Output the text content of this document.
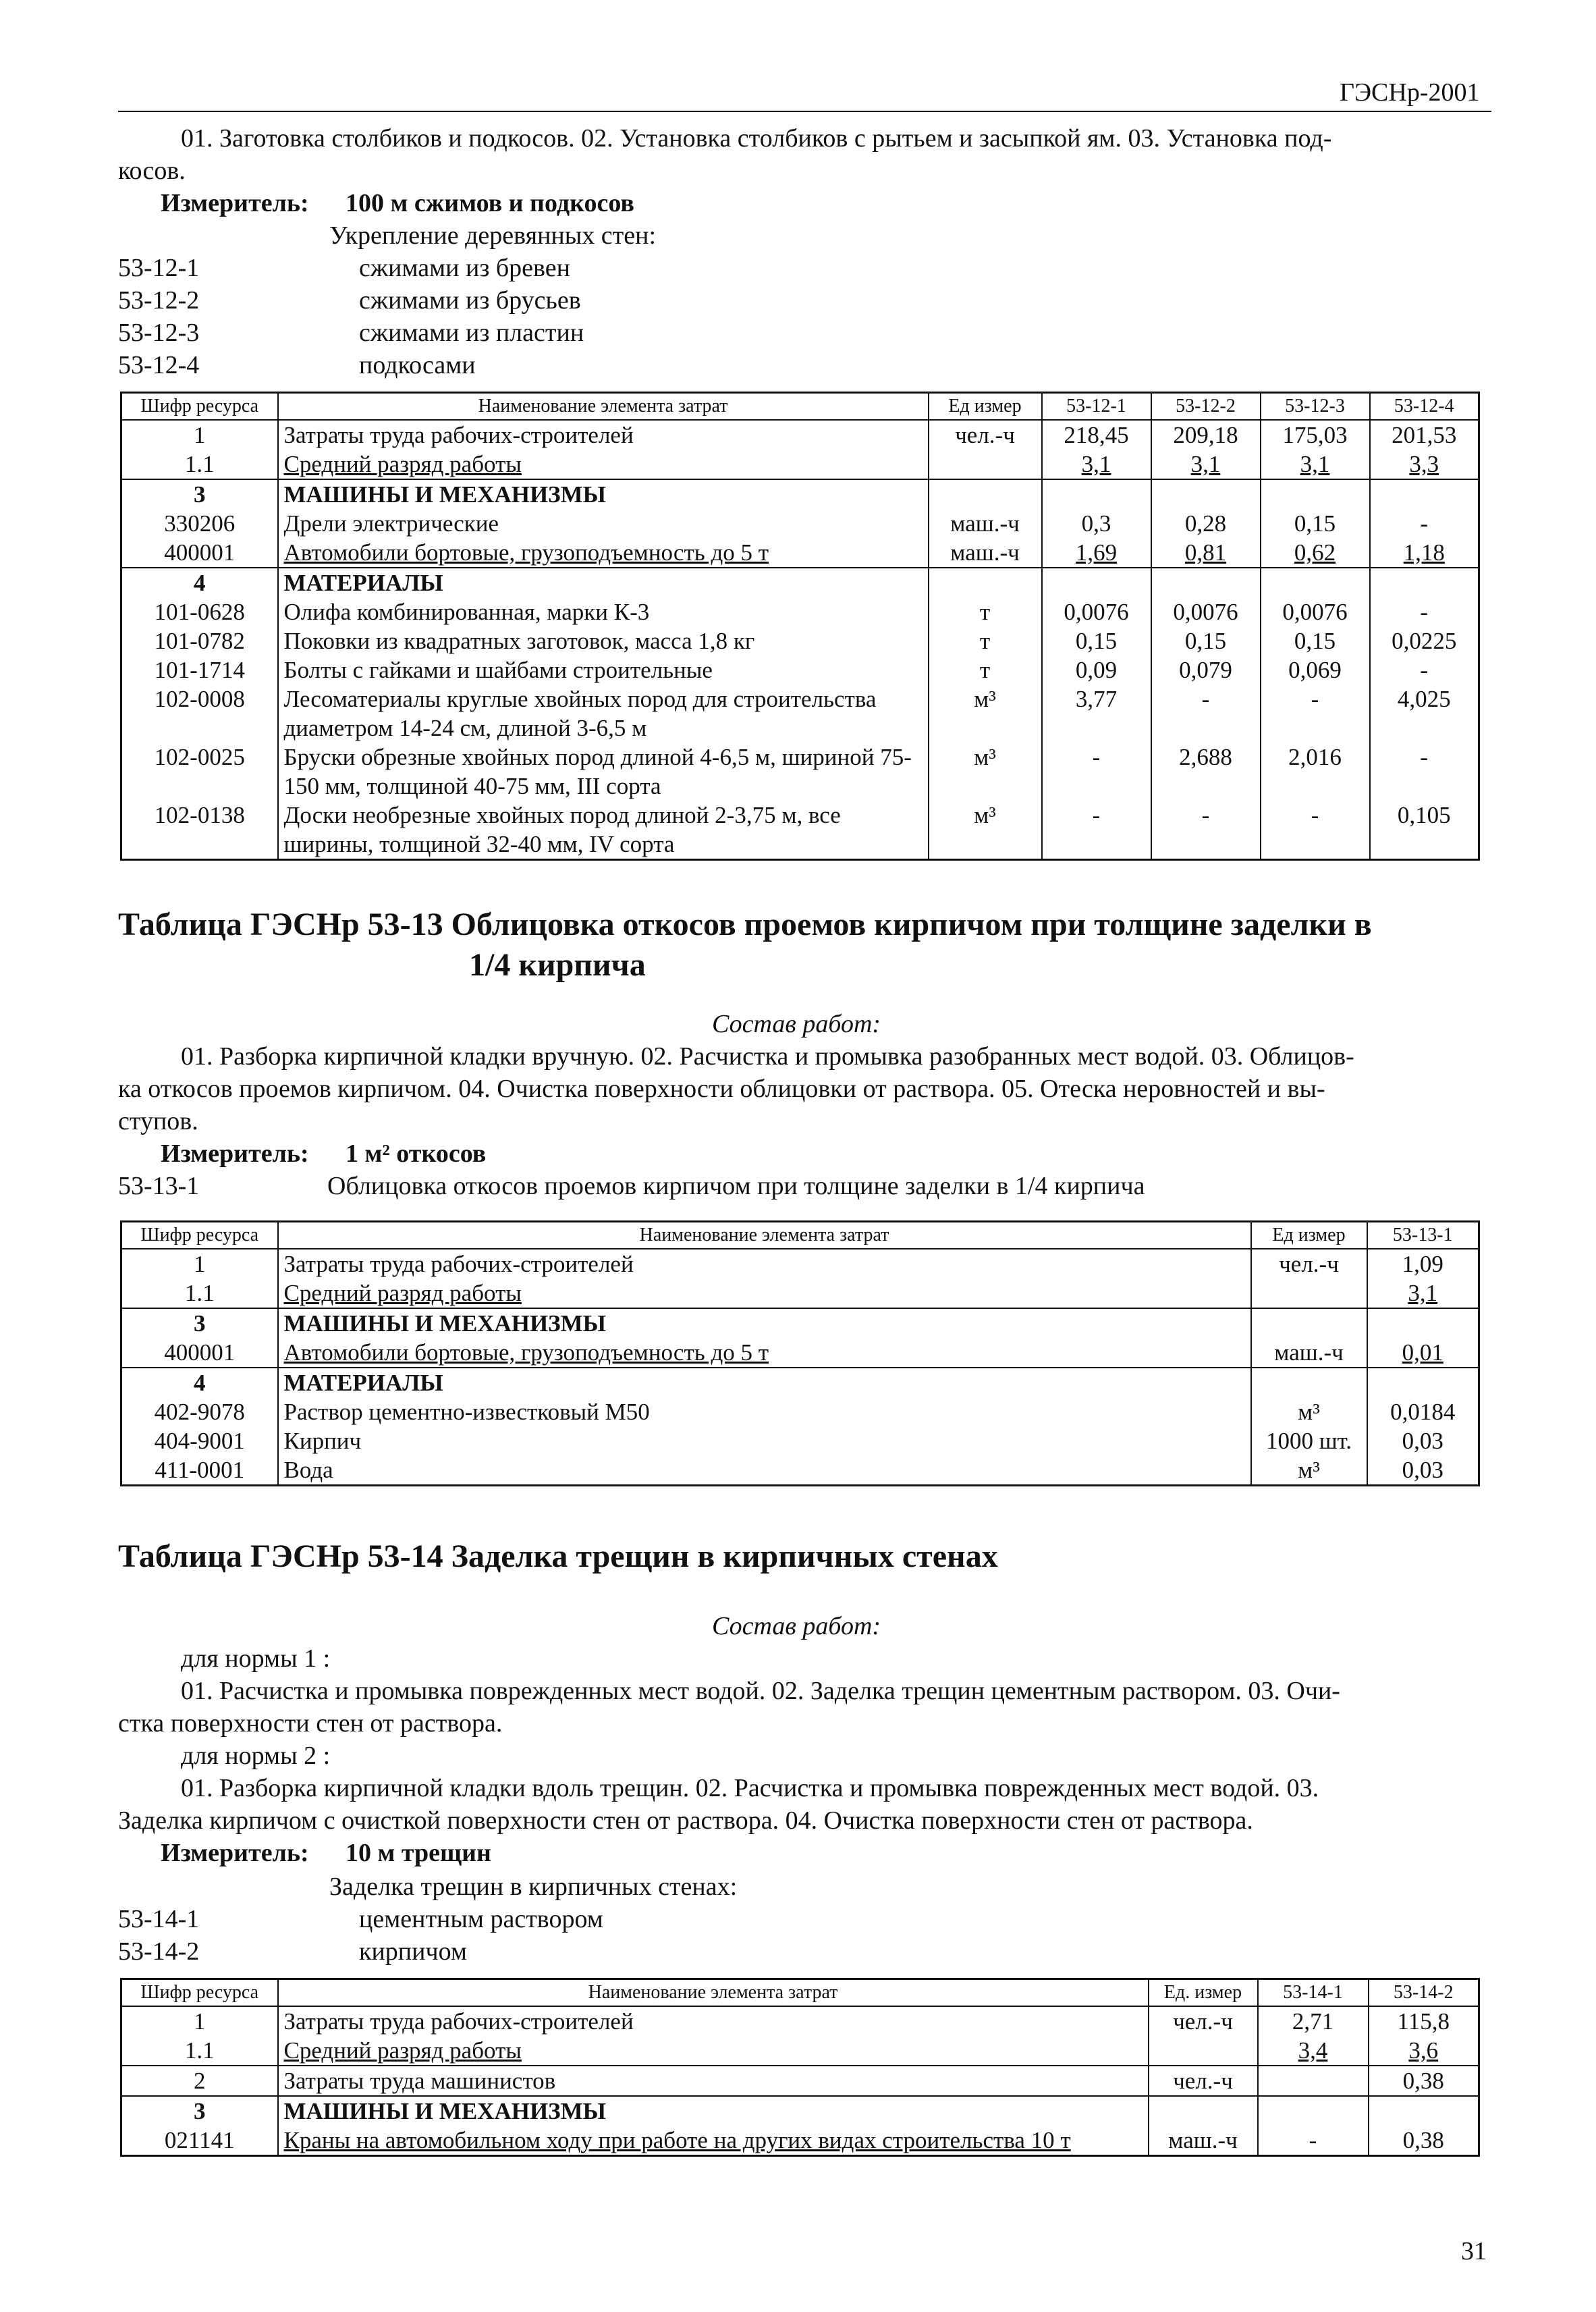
ГЭСНр-2001
01. Заготовка столбиков и подкосов. 02. Установка столбиков с рытьем и засыпкой ям. 03. Установка под-
косов.
Измеритель: 100 м сжимов и подкосов
Укрепление деревянных стен:
53-12-1	сжимами из бревен
53-12-2	сжимами из брусьев
53-12-3	сжимами из пластин
53-12-4	подкосами
Шифр ресурса	Наименование элемента затрат	Ед измер	53-12-1	53-12-2	53-12-3	53-12-4
1	Затраты труда рабочих-строителей	чел.-ч	218,45	209,18	175,03	201,53
1.1	Средний разряд работы		3,1	3,1	3,1	3,3
3	МАШИНЫ И МЕХАНИЗМЫ					
330206	Дрели электрические	маш.-ч	0,3	0,28	0,15	-
400001	Автомобили бортовые, грузоподъемность до 5 т	маш.-ч	1,69	0,81	0,62	1,18
4	МАТЕРИАЛЫ					
101-0628	Олифа комбинированная, марки К-3	т	0,0076	0,0076	0,0076	-
101-0782	Поковки из квадратных заготовок, масса 1,8 кг	т	0,15	0,15	0,15	0,0225
101-1714	Болты с гайками и шайбами строительные	т	0,09	0,079	0,069	-
102-0008	Лесоматериалы круглые хвойных пород для строительства диаметром 14-24 см, длиной 3-6,5 м	м³	3,77	-	-	4,025
102-0025	Бруски обрезные хвойных пород длиной 4-6,5 м, шириной 75-150 мм, толщиной 40-75 мм, III сорта	м³	-	2,688	2,016	-
102-0138	Доски необрезные хвойных пород длиной 2-3,75 м, все ширины, толщиной 32-40 мм, IV сорта	м³	-	-	-	0,105
Таблица ГЭСНр 53-13 Облицовка откосов проемов кирпичом при толщине заделки в
1/4 кирпича
Состав работ:
01. Разборка кирпичной кладки вручную. 02. Расчистка и промывка разобранных мест водой. 03. Облицов-
ка откосов проемов кирпичом. 04. Очистка поверхности облицовки от раствора. 05. Отеска неровностей и вы-
ступов.
Измеритель: 1 м² откосов
53-13-1	Облицовка откосов проемов кирпичом при толщине заделки в 1/4 кирпича
Шифр ресурса	Наименование элемента затрат	Ед измер	53-13-1
1	Затраты труда рабочих-строителей	чел.-ч	1,09
1.1	Средний разряд работы		3,1
3	МАШИНЫ И МЕХАНИЗМЫ		
400001	Автомобили бортовые, грузоподъемность до 5 т	маш.-ч	0,01
4	МАТЕРИАЛЫ		
402-9078	Раствор цементно-известковый М50	м³	0,0184
404-9001	Кирпич	1000 шт.	0,03
411-0001	Вода	м³	0,03
Таблица ГЭСНр 53-14 Заделка трещин в кирпичных стенах
Состав работ:
для нормы 1 :
01. Расчистка и промывка поврежденных мест водой. 02. Заделка трещин цементным раствором. 03. Очи-
стка поверхности стен от раствора.
для нормы 2 :
01. Разборка кирпичной кладки вдоль трещин. 02. Расчистка и промывка поврежденных мест водой. 03.
Заделка кирпичом с очисткой поверхности стен от раствора. 04. Очистка поверхности стен от раствора.
Измеритель: 10 м трещин
Заделка трещин в кирпичных стенах:
53-14-1	цементным раствором
53-14-2	кирпичом
Шифр ресурса	Наименование элемента затрат	Ед. измер	53-14-1	53-14-2
1	Затраты труда рабочих-строителей	чел.-ч	2,71	115,8
1.1	Средний разряд работы		3,4	3,6
2	Затраты труда машинистов	чел.-ч		0,38
3	МАШИНЫ И МЕХАНИЗМЫ			
021141	Краны на автомобильном ходу при работе на других видах строительства 10 т	маш.-ч	-	0,38
31
